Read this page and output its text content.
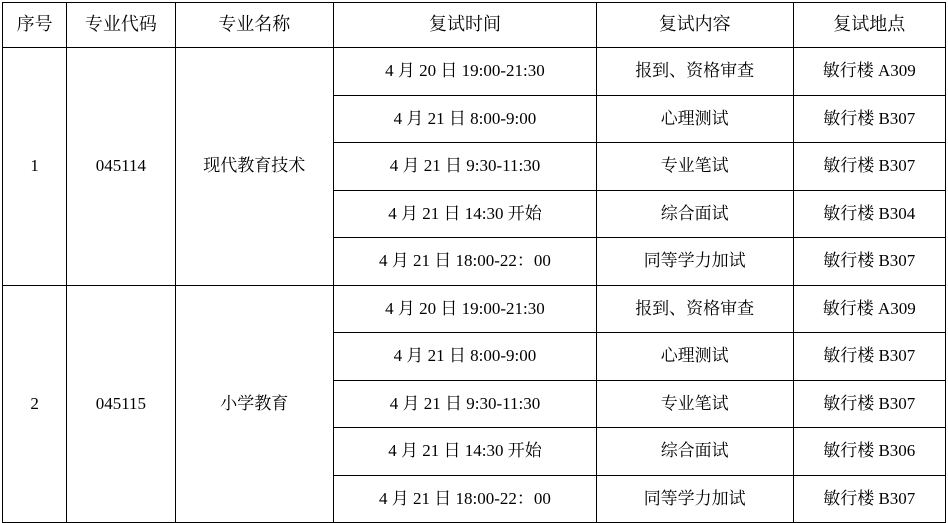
序号	专业代码	专业名称	复试时间	复试内容	复试地点
1	045114	现代教育技术	4 月 20 日 19:00-21:30	报到、资格审查	敏行楼 A309
			4 月 21 日 8:00-9:00	心理测试	敏行楼 B307
			4 月 21 日 9:30-11:30	专业笔试	敏行楼 B307
			4 月 21 日 14:30 开始	综合面试	敏行楼 B304
			4 月 21 日 18:00-22：00	同等学力加试	敏行楼 B307
2	045115	小学教育	4 月 20 日 19:00-21:30	报到、资格审查	敏行楼 A309
			4 月 21 日 8:00-9:00	心理测试	敏行楼 B307
			4 月 21 日 9:30-11:30	专业笔试	敏行楼 B307
			4 月 21 日 14:30 开始	综合面试	敏行楼 B306
			4 月 21 日 18:00-22：00	同等学力加试	敏行楼 B307
